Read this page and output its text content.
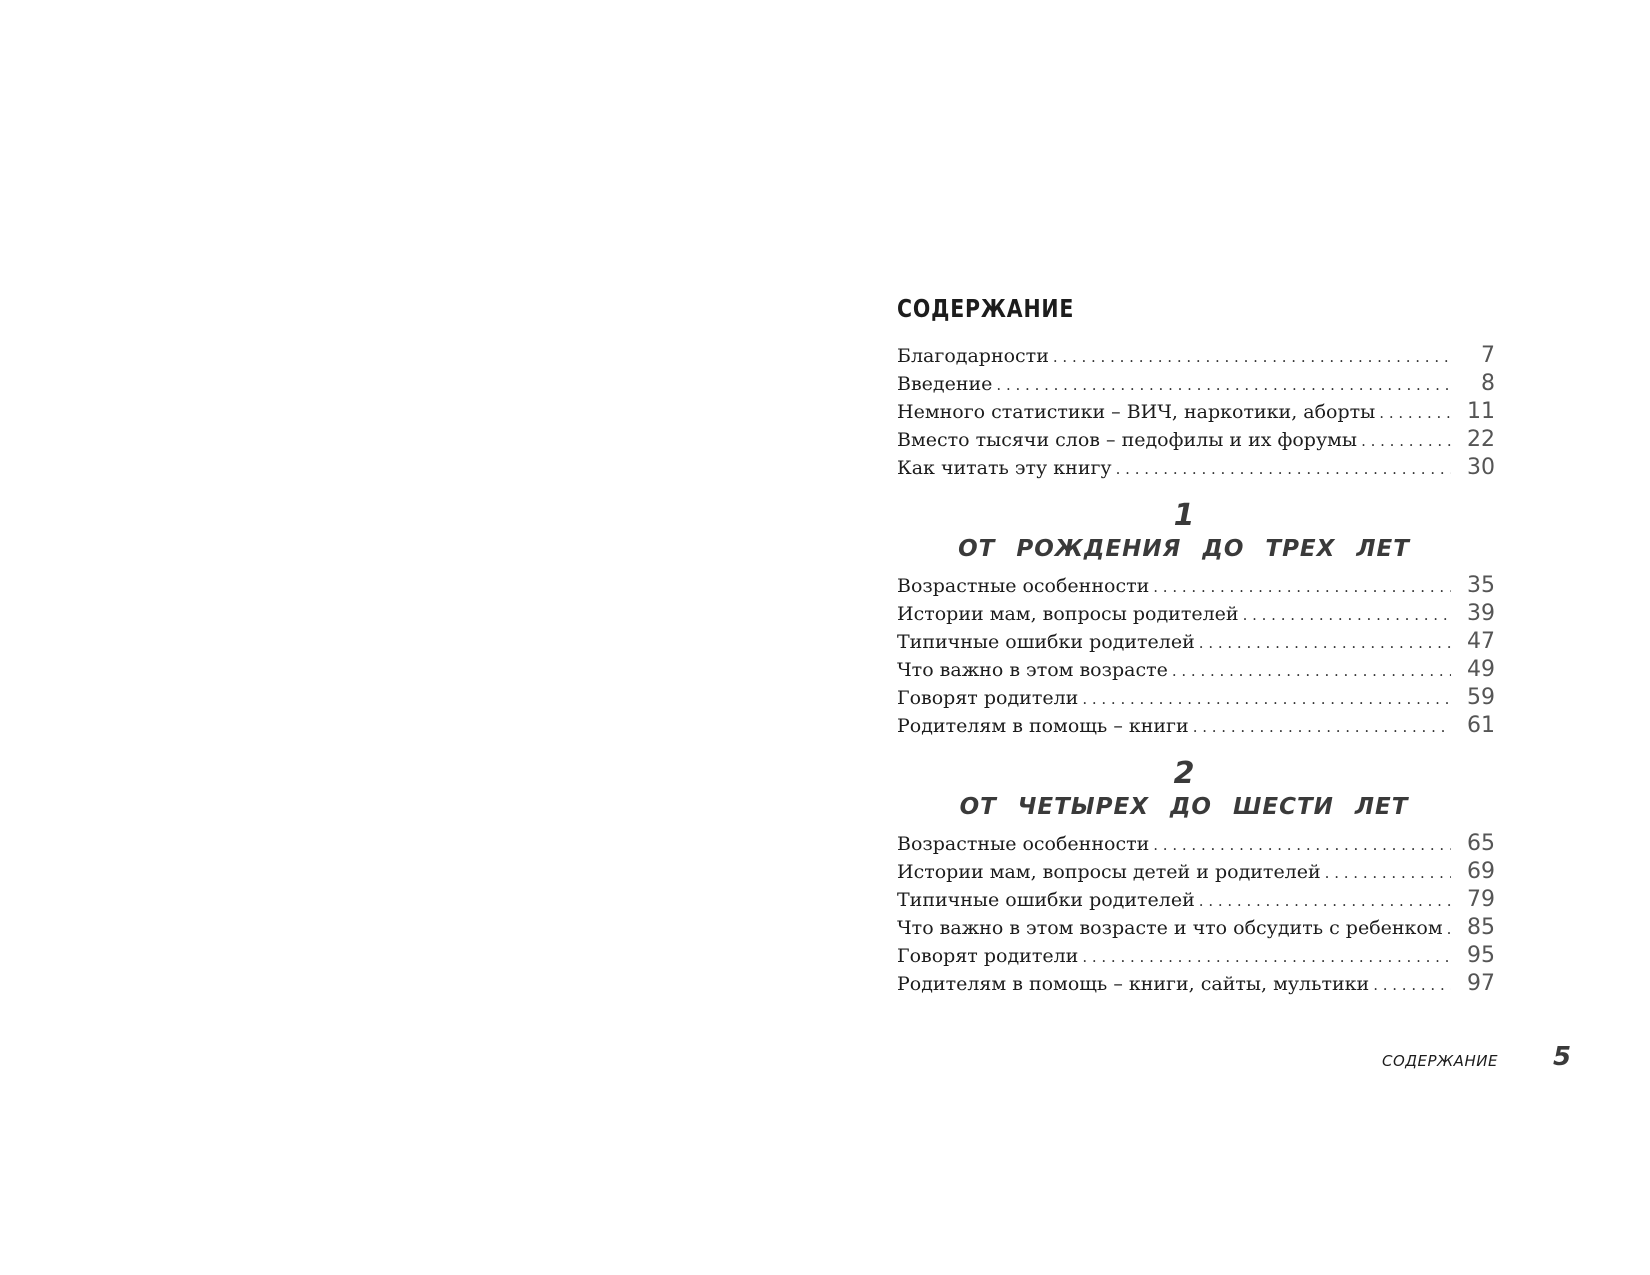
СОДЕРЖАНИЕ
Благодарности . . .	7
Введение . . .	8
Немного статистики – ВИЧ, наркотики, аборты . . .	11
Вместо тысячи слов – педофилы и их форумы . . .	22
Как читать эту книгу . . .	30
1
ОТ РОЖДЕНИЯ ДО ТРЕХ ЛЕТ
Возрастные особенности . . .	35
Истории мам, вопросы родителей . . .	39
Типичные ошибки родителей . . .	47
Что важно в этом возрасте . . .	49
Говорят родители . . .	59
Родителям в помощь – книги . . .	61
2
ОТ ЧЕТЫРЕХ ДО ШЕСТИ ЛЕТ
Возрастные особенности . . .	65
Истории мам, вопросы детей и родителей . . .	69
Типичные ошибки родителей . . .	79
Что важно в этом возрасте и что обсудить с ребенком . . .	85
Говорят родители . . .	95
Родителям в помощь – книги, сайты, мультики . . .	97
СОДЕРЖАНИЕ 5
